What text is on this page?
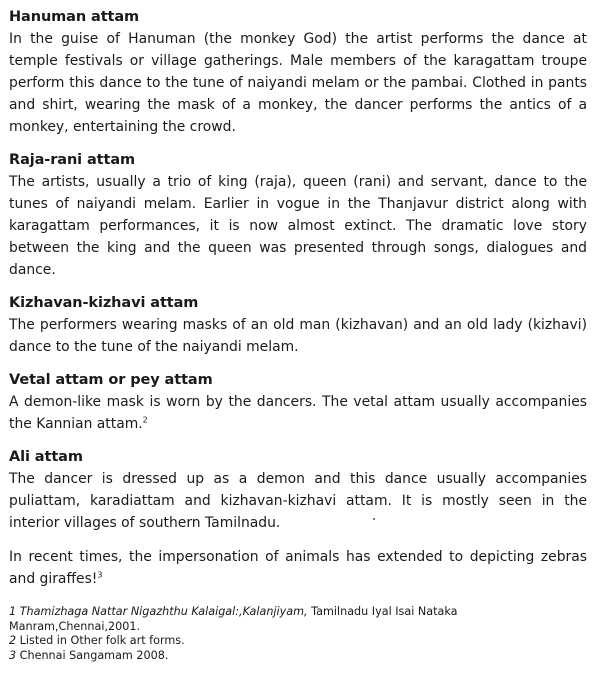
Hanuman attam

In the guise of Hanuman (the monkey God) the artist performs the dance at temple festivals or village gatherings. Male members of the karagattam troupe perform this dance to the tune of naiyandi melam or the pambai. Clothed in pants and shirt, wearing the mask of a monkey, the dancer performs the antics of a monkey, entertaining the crowd.

Raja-rani attam

The artists, usually a trio of king (raja), queen (rani) and servant, dance to the tunes of naiyandi melam. Earlier in vogue in the Thanjavur district along with karagattam performances, it is now almost extinct. The dramatic love story between the king and the queen was presented through songs, dialogues and dance.

Kizhavan-kizhavi attam

The performers wearing masks of an old man (kizhavan) and an old lady (kizhavi) dance to the tune of the naiyandi melam.

Vetal attam or pey attam

A demon-like mask is worn by the dancers. The vetal attam usually accompanies the Kannian attam.$^2$

Ali attam

The dancer is dressed up as a demon and this dance usually accompanies puliattam, karadiattam and kizhavan-kizhavi attam. It is mostly seen in the interior villages of southern Tamilnadu.

In recent times, the impersonation of animals has extended to depicting zebras and giraffes!$^3$

1 Thamizhaga Nattar Nigazhthu Kalaigal:,Kalanjiyam, Tamilnadu Iyal Isai Nataka Manram,Chennai,2001.

2 Listed in Other folk art forms.

3 Chennai Sangamam 2008.
